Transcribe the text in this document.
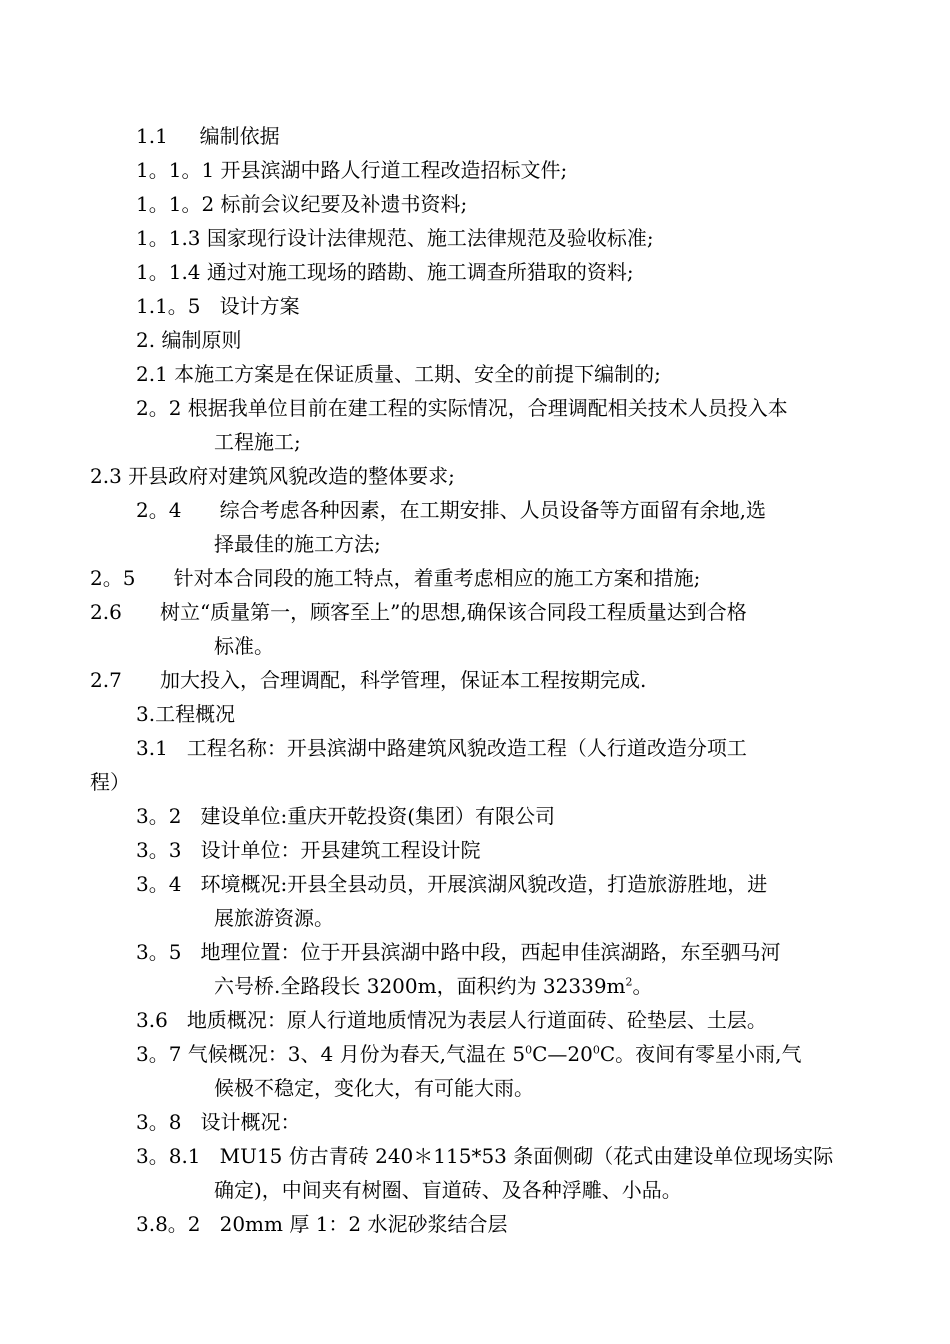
1.1     编制依据
1。1。1 开县滨湖中路人行道工程改造招标文件;
1。1。2 标前会议纪要及补遗书资料;
1。1.3 国家现行设计法律规范、施工法律规范及验收标准;
1。1.4 通过对施工现场的踏勘、施工调查所猎取的资料;
1.1。5   设计方案
2. 编制原则
2.1 本施工方案是在保证质量、工期、安全的前提下编制的;
2。2 根据我单位目前在建工程的实际情况，合理调配相关技术人员投入本
工程施工;
2.3 开县政府对建筑风貌改造的整体要求;
2。4      综合考虑各种因素，在工期安排、人员设备等方面留有余地,选
择最佳的施工方法;
2。5      针对本合同段的施工特点，着重考虑相应的施工方案和措施;
2.6      树立“质量第一，顾客至上”的思想,确保该合同段工程质量达到合格
标准。
2.7      加大投入，合理调配，科学管理，保证本工程按期完成.
3.工程概况
3.1   工程名称：开县滨湖中路建筑风貌改造工程（人行道改造分项工
程）
3。2   建设单位:重庆开乾投资(集团）有限公司
3。3   设计单位：开县建筑工程设计院
3。4   环境概况:开县全县动员，开展滨湖风貌改造，打造旅游胜地，进
展旅游资源。
3。5   地理位置：位于开县滨湖中路中段，西起申佳滨湖路，东至驷马河
六号桥.全路段长 3200m，面积约为 $32339m^2$。
3.6   地质概况：原人行道地质情况为表层人行道面砖、砼垫层、土层。
3。7 气候概况：3、4 月份为春天,气温在 $5^0C—20^0C$。夜间有零星小雨,气
候极不稳定，变化大，有可能大雨。
3。8   设计概况：
3。8.1   MU15 仿古青砖 240＊115*53 条面侧砌（花式由建设单位现场实际
确定)，中间夹有树圈、盲道砖、及各种浮雕、小品。
3.8。2   20mm 厚 1：2 水泥砂浆结合层
